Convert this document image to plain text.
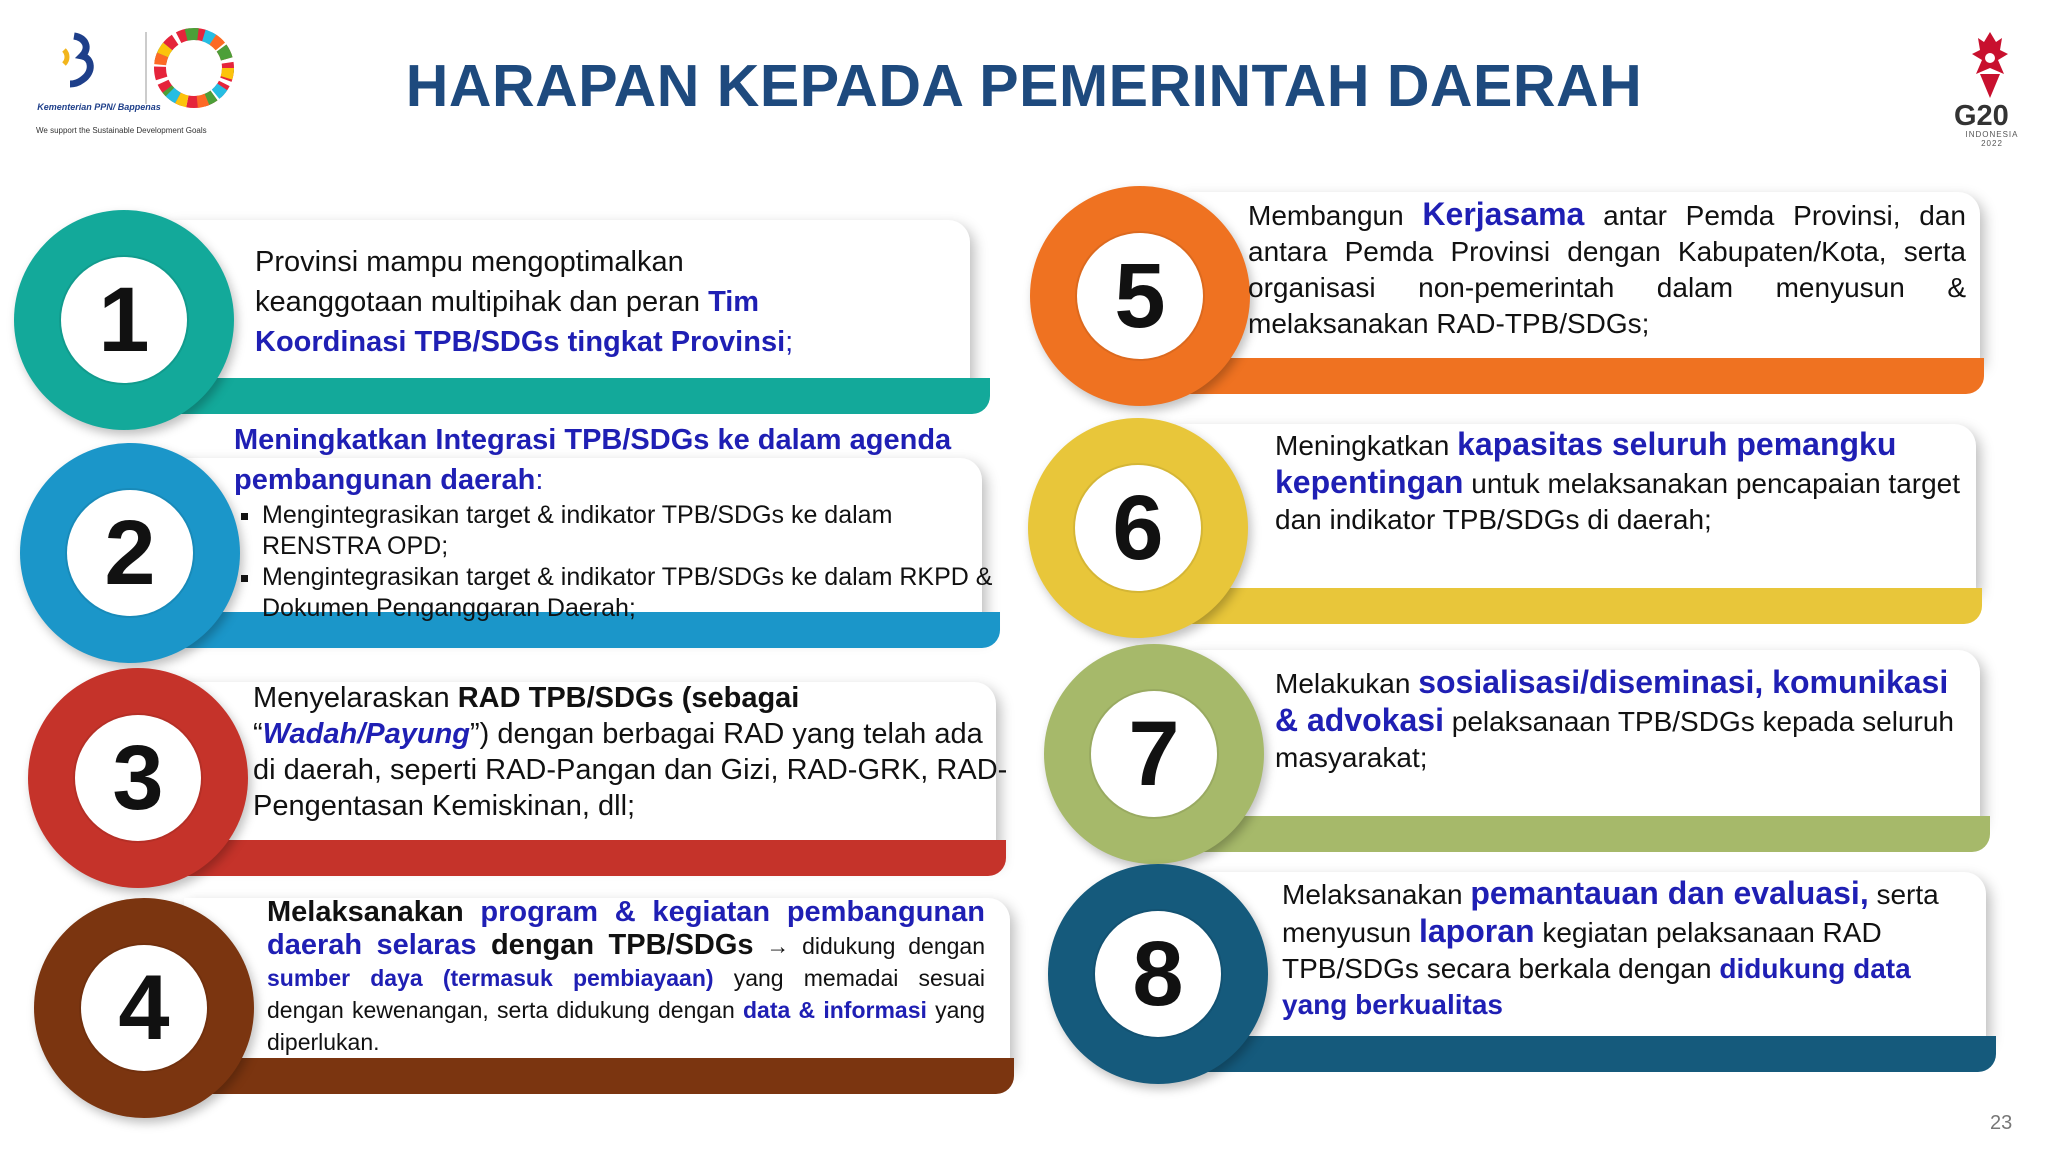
Kementerian PPN/ Bappenas
We support the Sustainable Development Goals
HARAPAN KEPADA PEMERINTAH DAERAH	G20
INDONESIA 2022
1
Provinsi mampu mengoptimalkan keanggotaan multipihak dan peran Tim Koordinasi TPB/SDGs tingkat Provinsi;
2
Meningkatkan Integrasi TPB/SDGs ke dalam agenda pembangunan daerah:
▪ Mengintegrasikan target & indikator TPB/SDGs ke dalam RENSTRA OPD;
▪ Mengintegrasikan target & indikator TPB/SDGs ke dalam RKPD & Dokumen Penganggaran Daerah;
3
Menyelaraskan RAD TPB/SDGs (sebagai “Wadah/Payung”) dengan berbagai RAD yang telah ada di daerah, seperti RAD-Pangan dan Gizi, RAD-GRK, RAD-Pengentasan Kemiskinan, dll;
4
Melaksanakan program & kegiatan pembangunan daerah selaras dengan TPB/SDGs → didukung dengan sumber daya (termasuk pembiayaan) yang memadai sesuai dengan kewenangan, serta didukung dengan data & informasi yang diperlukan.
5
Membangun Kerjasama antar Pemda Provinsi, dan antara Pemda Provinsi dengan Kabupaten/Kota, serta organisasi non-pemerintah dalam menyusun & melaksanakan RAD-TPB/SDGs;
6
Meningkatkan kapasitas seluruh pemangku kepentingan untuk melaksanakan pencapaian target dan indikator TPB/SDGs di daerah;
7
Melakukan sosialisasi/diseminasi, komunikasi & advokasi pelaksanaan TPB/SDGs kepada seluruh masyarakat;
8
Melaksanakan pemantauan dan evaluasi, serta menyusun laporan kegiatan pelaksanaan RAD TPB/SDGs secara berkala dengan didukung data yang berkualitas
23
